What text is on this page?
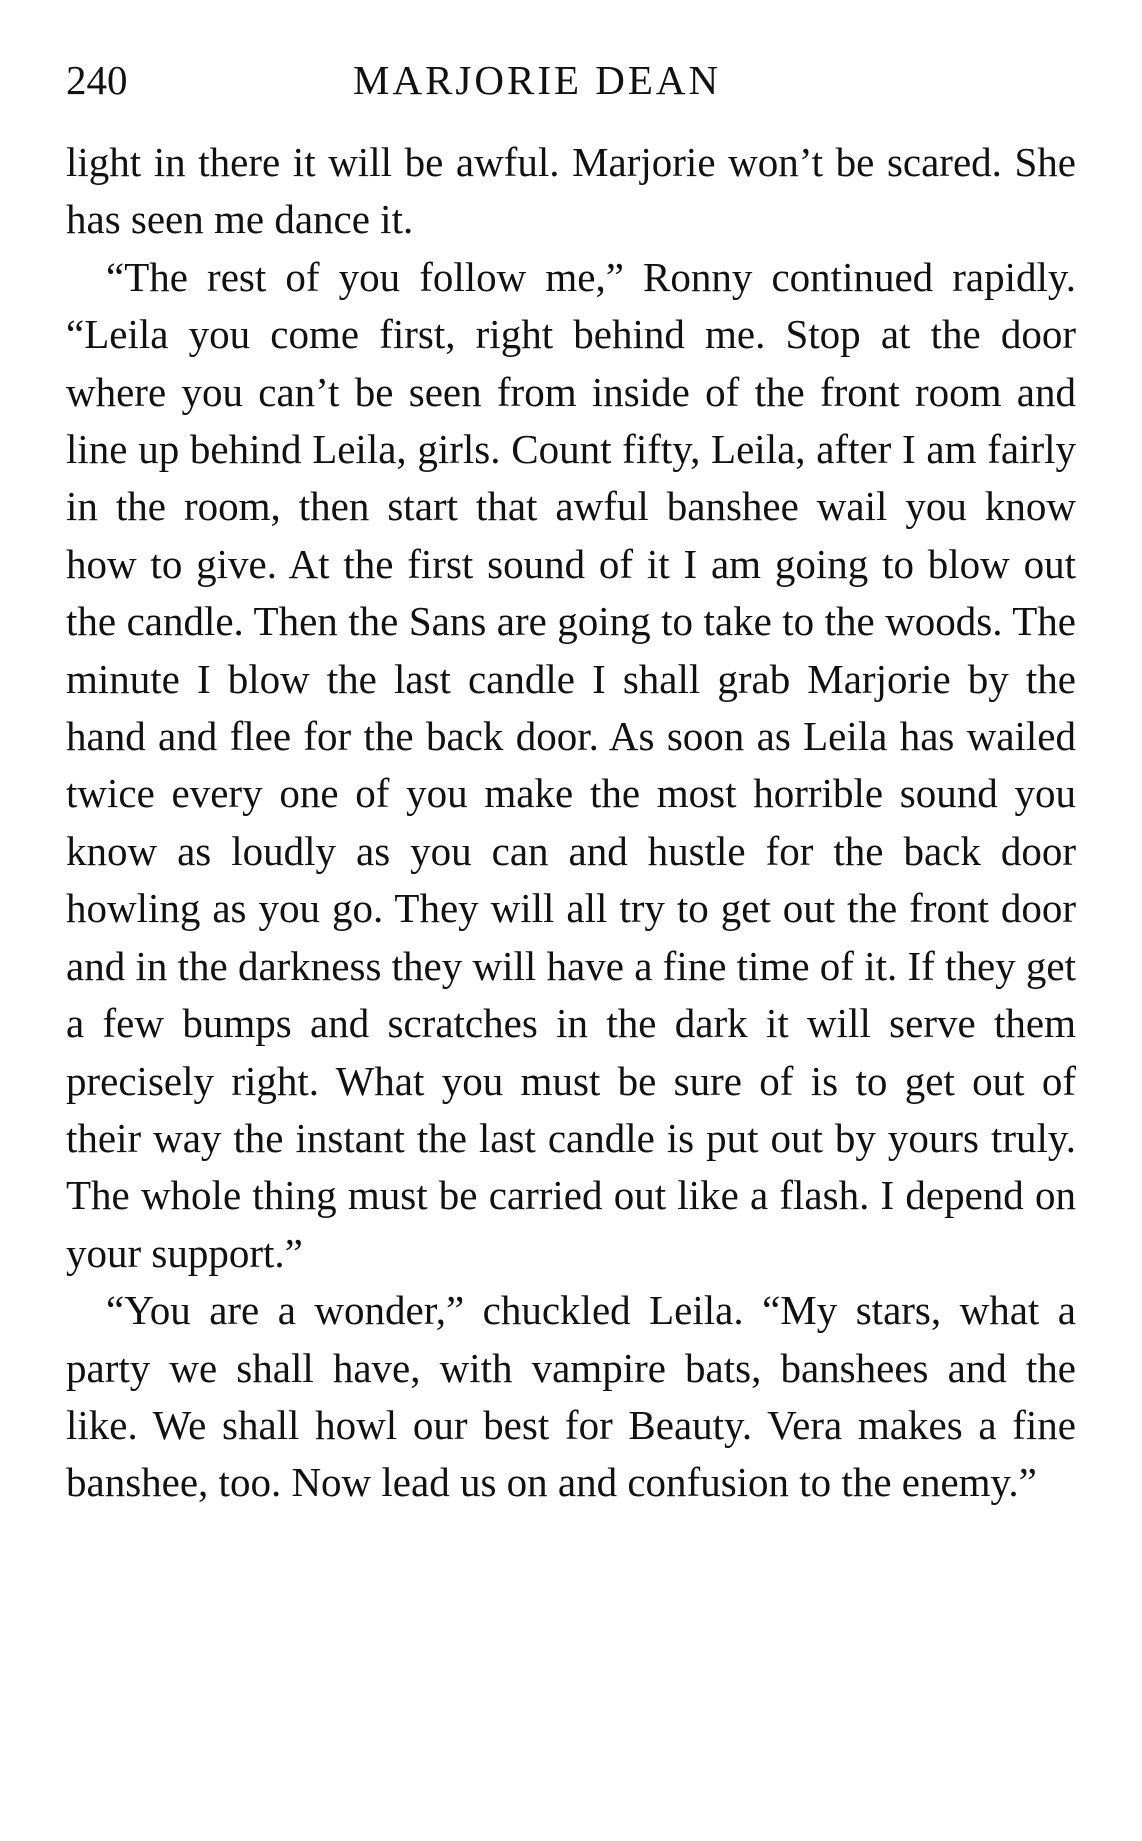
240	MARJORIE DEAN

light in there it will be awful. Marjorie won’t be scared. She has seen me dance it.

“The rest of you follow me,” Ronny continued rapidly. “Leila you come first, right behind me. Stop at the door where you can’t be seen from inside of the front room and line up behind Leila, girls. Count fifty, Leila, after I am fairly in the room, then start that awful banshee wail you know how to give. At the first sound of it I am going to blow out the candle. Then the Sans are going to take to the woods. The minute I blow the last candle I shall grab Marjorie by the hand and flee for the back door. As soon as Leila has wailed twice every one of you make the most horrible sound you know as loudly as you can and hustle for the back door howling as you go. They will all try to get out the front door and in the darkness they will have a fine time of it. If they get a few bumps and scratches in the dark it will serve them precisely right. What you must be sure of is to get out of their way the instant the last candle is put out by yours truly. The whole thing must be carried out like a flash. I depend on your support.”

“You are a wonder,” chuckled Leila. “My stars, what a party we shall have, with vampire bats, banshees and the like. We shall howl our best for Beauty. Vera makes a fine banshee, too. Now lead us on and confusion to the enemy.”
